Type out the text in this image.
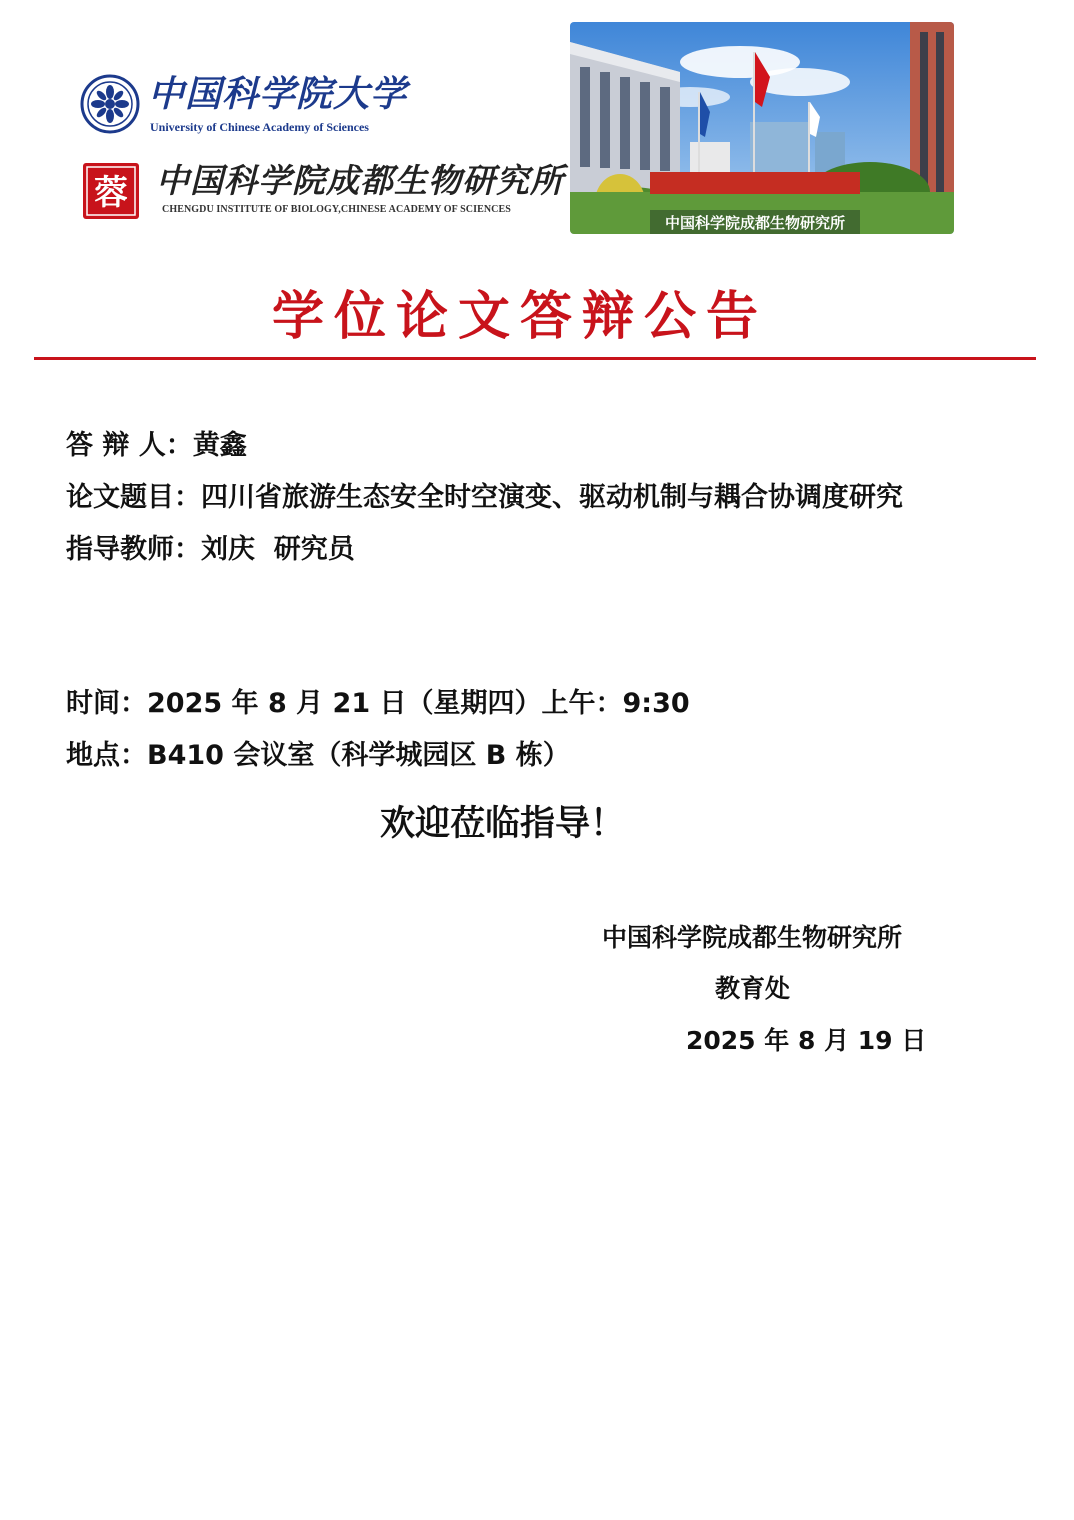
中国科学院大学
University of Chinese Academy of Sciences
蓉 中国科学院成都生物研究所
CHENGDU INSTITUTE OF BIOLOGY,CHINESE ACADEMY OF SCIENCES
中国科学院成都生物研究所
学位论文答辩公告
答 辩 人：黄鑫
论文题目：四川省旅游生态安全时空演变、驱动机制与耦合协调度研究
指导教师：刘庆  研究员
时间：2025 年 8 月 21 日（星期四）上午：9:30
地点：B410 会议室（科学城园区 B 栋）
欢迎莅临指导！
中国科学院成都生物研究所
教育处
2025 年 8 月 19 日
